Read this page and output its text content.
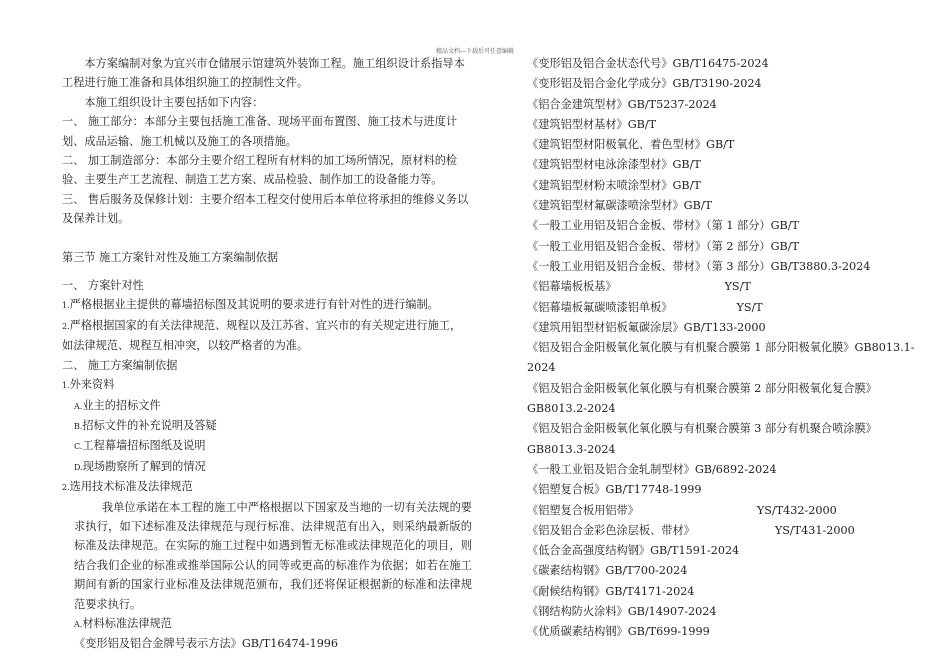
精品文档---下载后可任意编辑

本方案编制对象为宜兴市仓储展示馆建筑外装饰工程。施工组织设计系指导本工程进行施工准备和具体组织施工的控制性文件。

本施工组织设计主要包括如下内容：

一、 施工部分：本部分主要包括施工准备、现场平面布置图、施工技术与进度计划、成品运输、施工机械以及施工的各项措施。

二、 加工制造部分：本部分主要介绍工程所有材料的加工场所情况，原材料的检验、主要生产工艺流程、制造工艺方案、成品检验、制作加工的设备能力等。

三、 售后服务及保修计划：主要介绍本工程交付使用后本单位将承担的维修义务以及保养计划。

第三节 施工方案针对性及施工方案编制依据

一、 方案针对性

1.严格根据业主提供的幕墙招标图及其说明的要求进行有针对性的进行编制。

2.严格根据国家的有关法律规范、规程以及江苏省、宜兴市的有关规定进行施工，如法律规范、规程互相冲突，以较严格者的为准。

二、 施工方案编制依据

1.外来资料

A.业主的招标文件

B.招标文件的补充说明及答疑

C.工程幕墙招标图纸及说明

D.现场勘察所了解到的情况

2.选用技术标准及法律规范

我单位承诺在本工程的施工中严格根据以下国家及当地的一切有关法规的要求执行，如下述标准及法律规范与现行标准、法律规范有出入，则采纳最新版的标准及法律规范。在实际的施工过程中如遇到暂无标准或法律规范化的项目，则结合我们企业的标准或推举国际公认的同等或更高的标准作为依据；如若在施工期间有新的国家行业标准及法律规范颁布，我们还将保证根据新的标准和法律规范要求执行。

A.材料标准法律规范

《变形铝及铝合金牌号表示方法》GB/T16474-1996

《变形铝及铝合金状态代号》GB/T16475-2024

《变形铝及铝合金化学成分》GB/T3190-2024

《铝合金建筑型材》GB/T5237-2024

《建筑铝型材基材》GB/T

《建筑铝型材阳极氧化、着色型材》GB/T

《建筑铝型材电泳涂漆型材》GB/T

《建筑铝型材粉末喷涂型材》GB/T

《建筑铝型材氟碳漆喷涂型材》GB/T

《一般工业用铝及铝合金板、带材》（第 1 部分）GB/T

《一般工业用铝及铝合金板、带材》（第 2 部分）GB/T

《一般工业用铝及铝合金板、带材》（第 3 部分）GB/T3880.3-2024

《铝幕墙板板基》	YS/T

《铝幕墙板氟碳喷漆铝单板》	YS/T

《建筑用铝型材铝板氟碳涂层》GB/T133-2000

《铝及铝合金阳极氧化氧化膜与有机聚合膜第 1 部分阳极氧化膜》GB8013.1-2024

《铝及铝合金阳极氧化氧化膜与有机聚合膜第 2 部分阳极氧化复合膜》GB8013.2-2024

《铝及铝合金阳极氧化氧化膜与有机聚合膜第 3 部分有机聚合喷涂膜》GB8013.3-2024

《一般工业铝及铝合金轧制型材》GB/6892-2024

《铝塑复合板》GB/T17748-1999

《铝塑复合板用铝带》	YS/T432-2000

《铝及铝合金彩色涂层板、带材》	YS/T431-2000

《低合金高强度结构钢》GB/T1591-2024

《碳素结构钢》GB/T700-2024

《耐候结构钢》GB/T4171-2024

《钢结构防火涂料》GB/14907-2024

《优质碳素结构钢》GB/T699-1999
